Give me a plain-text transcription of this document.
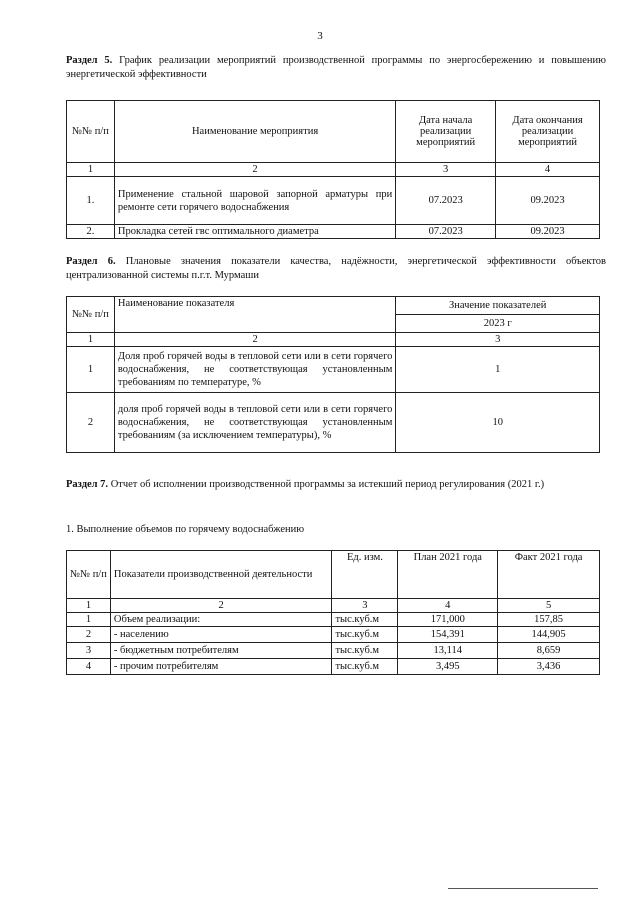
3
Раздел 5. График реализации мероприятий производственной программы по энергосбережению и повышению энергетической эффективности
№№ п/п	Наименование мероприятия	Дата начала реализации мероприятий	Дата окончания реализации мероприятий
1	2	3	4
1.	Применение стальной шаровой запорной арматуры при ремонте сети горячего водоснабжения	07.2023	09.2023
2.	Прокладка сетей гвс оптимального диаметра	07.2023	09.2023
Раздел 6. Плановые значения показатели качества, надёжности, энергетической эффективности объектов централизованной системы п.г.т. Мурмаши
№№ п/п	Наименование показателя	Значение показателей
		2023 г
1	2	3
1	Доля проб горячей воды в тепловой сети или в сети горячего водоснабжения, не соответствующая установленным требованиям по температуре, %	1
2	доля проб горячей воды в тепловой сети или в сети горячего водоснабжения, не соответствующая установленным требованиям (за исключением температуры), %	10
Раздел 7. Отчет об исполнении производственной программы за истекший период регулирования (2021 г.)
1. Выполнение объемов по горячему водоснабжению
№№ п/п	Показатели производственной деятельности	Ед. изм.	План 2021 года	Факт 2021 года
1	2	3	4	5
1	Объем реализации:	тыс.куб.м	171,000	157,85
2	- населению	тыс.куб.м	154,391	144,905
3	- бюджетным потребителям	тыс.куб.м	13,114	8,659
4	- прочим потребителям	тыс.куб.м	3,495	3,436
